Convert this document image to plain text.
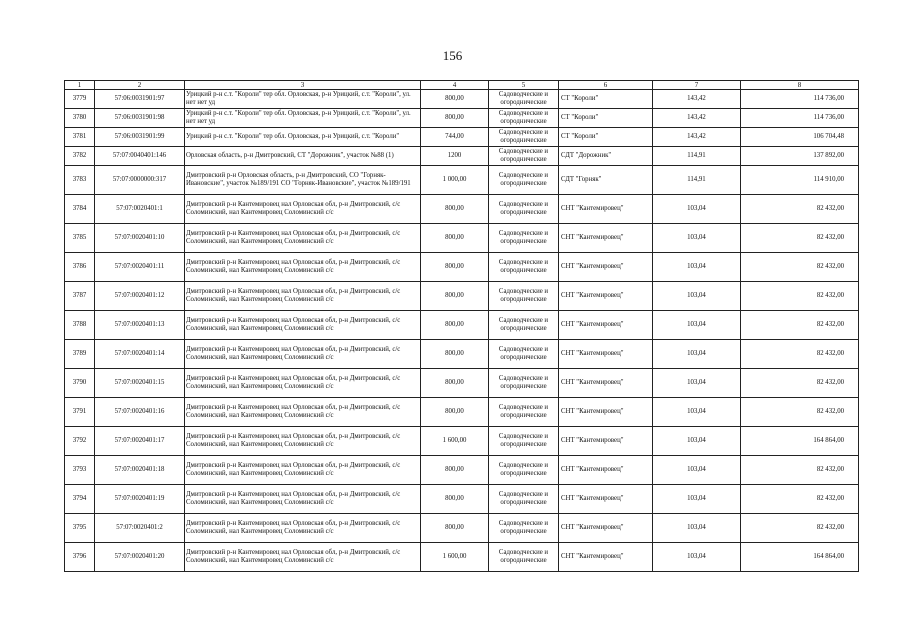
156
1	2	3	4	5	6	7	8
3779	57:06:0031901:97	Урицкий р-н с.т. "Короли" тер обл. Орловская, р-н Урицкий, с.т. "Короли", ул. нет нет уд	800,00	Садоводческие и огороднические	СТ "Короли"	143,42	114 736,00
3780	57:06:0031901:98	Урицкий р-н с.т. "Короли" тер обл. Орловская, р-н Урицкий, с.т. "Короли", ул. нет нет уд	800,00	Садоводческие и огороднические	СТ "Короли"	143,42	114 736,00
3781	57:06:0031901:99	Урицкий р-н с.т. "Короли" тер обл. Орловская, р-н Урицкий, с.т. "Короли"	744,00	Садоводческие и огороднические	СТ "Короли"	143,42	106 704,48
3782	57:07:0040401:146	Орловская область, р-н Дмитровский, СТ "Дорожник", участок №88 (1)	1200	Садоводческие и огороднические	СДТ "Дорожник"	114,91	137 892,00
3783	57:07:0000000:317	Дмитровский р-н Орловская область, р-н Дмитровский, СО "Горняк-Ивановские", участок №189/191 СО "Горняк-Ивановские", участок №189/191	1 000,00	Садоводческие и огороднические	СДТ "Горняк"	114,91	114 910,00
3784	57:07:0020401:1	Дмитровский р-н Кантемировец нал Орловская обл, р-н Дмитровский, с/с Соломинский, нал Кантемировец Соломинский с/с	800,00	Садоводческие и огороднические	СНТ "Кантемировец"	103,04	82 432,00
3785	57:07:0020401:10	Дмитровский р-н Кантемировец нал Орловская обл, р-н Дмитровский, с/с Соломинский, нал Кантемировец Соломинский с/с	800,00	Садоводческие и огороднические	СНТ "Кантемировец"	103,04	82 432,00
3786	57:07:0020401:11	Дмитровский р-н Кантемировец нал Орловская обл, р-н Дмитровский, с/с Соломинский, нал Кантемировец Соломинский с/с	800,00	Садоводческие и огороднические	СНТ "Кантемировец"	103,04	82 432,00
3787	57:07:0020401:12	Дмитровский р-н Кантемировец нал Орловская обл, р-н Дмитровский, с/с Соломинский, нал Кантемировец Соломинский с/с	800,00	Садоводческие и огороднические	СНТ "Кантемировец"	103,04	82 432,00
3788	57:07:0020401:13	Дмитровский р-н Кантемировец нал Орловская обл, р-н Дмитровский, с/с Соломинский, нал Кантемировец Соломинский с/с	800,00	Садоводческие и огороднические	СНТ "Кантемировец"	103,04	82 432,00
3789	57:07:0020401:14	Дмитровский р-н Кантемировец нал Орловская обл, р-н Дмитровский, с/с Соломинский, нал Кантемировец Соломинский с/с	800,00	Садоводческие и огороднические	СНТ "Кантемировец"	103,04	82 432,00
3790	57:07:0020401:15	Дмитровский р-н Кантемировец нал Орловская обл, р-н Дмитровский, с/с Соломинский, нал Кантемировец Соломинский с/с	800,00	Садоводческие и огороднические	СНТ "Кантемировец"	103,04	82 432,00
3791	57:07:0020401:16	Дмитровский р-н Кантемировец нал Орловская обл, р-н Дмитровский, с/с Соломинский, нал Кантемировец Соломинский с/с	800,00	Садоводческие и огороднические	СНТ "Кантемировец"	103,04	82 432,00
3792	57:07:0020401:17	Дмитровский р-н Кантемировец нал Орловская обл, р-н Дмитровский, с/с Соломинский, нал Кантемировец Соломинский с/с	1 600,00	Садоводческие и огороднические	СНТ "Кантемировец"	103,04	164 864,00
3793	57:07:0020401:18	Дмитровский р-н Кантемировец нал Орловская обл, р-н Дмитровский, с/с Соломинский, нал Кантемировец Соломинский с/с	800,00	Садоводческие и огороднические	СНТ "Кантемировец"	103,04	82 432,00
3794	57:07:0020401:19	Дмитровский р-н Кантемировец нал Орловская обл, р-н Дмитровский, с/с Соломинский, нал Кантемировец Соломинский с/с	800,00	Садоводческие и огороднические	СНТ "Кантемировец"	103,04	82 432,00
3795	57:07:0020401:2	Дмитровский р-н Кантемировец нал Орловская обл, р-н Дмитровский, с/с Соломинский, нал Кантемировец Соломинский с/с	800,00	Садоводческие и огороднические	СНТ "Кантемировец"	103,04	82 432,00
3796	57:07:0020401:20	Дмитровский р-н Кантемировец нал Орловская обл, р-н Дмитровский, с/с Соломинский, нал Кантемировец Соломинский с/с	1 600,00	Садоводческие и огороднические	СНТ "Кантемировец"	103,04	164 864,00
